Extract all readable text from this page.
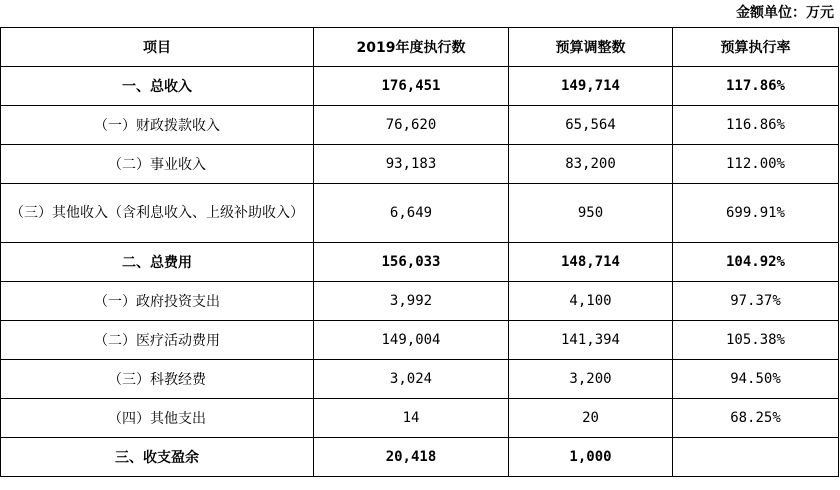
金额单位：万元
项目	2019年度执行数	预算调整数	预算执行率
一、总收入	176,451	149,714	117.86%
（一）财政拨款收入	76,620	65,564	116.86%
（二）事业收入	93,183	83,200	112.00%
（三）其他收入（含利息收入、上级补助收入）	6,649	950	699.91%
二、总费用	156,033	148,714	104.92%
（一）政府投资支出	3,992	4,100	97.37%
（二）医疗活动费用	149,004	141,394	105.38%
（三）科教经费	3,024	3,200	94.50%
（四）其他支出	14	20	68.25%
三、收支盈余	20,418	1,000	
